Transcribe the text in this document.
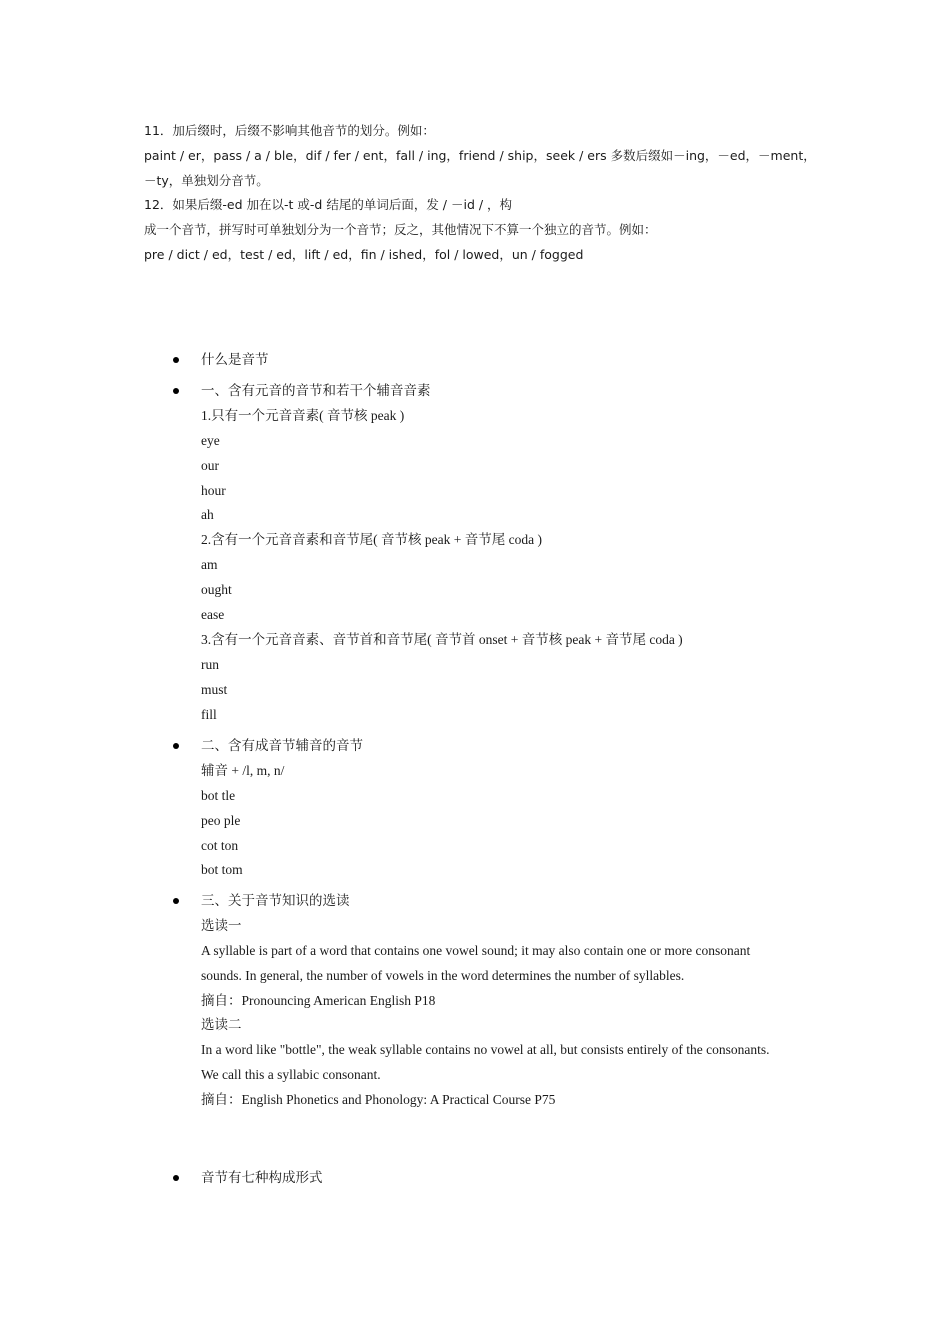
11．加后缀时，后缀不影响其他音节的划分。例如：

paint / er，pass / a / ble，dif / fer / ent，fall / ing，friend / ship，seek / ers 多数后缀如－ing，－ed，－ment，

－ty，单独划分音节。

12．如果后缀-ed 加在以-t 或-d 结尾的单词后面，发 / －id / ，构

成一个音节，拼写时可单独划分为一个音节；反之，其他情况下不算一个独立的音节。例如：

pre / dict / ed，test / ed，lift / ed，fin / ished，fol / lowed，un / fogged

什么是音节
一、含有元音的音节和若干个辅音音素
1.只有一个元音音素( 音节核 peak )
eye
our
hour
ah
2.含有一个元音音素和音节尾( 音节核 peak + 音节尾 coda )
am
ought
ease
3.含有一个元音音素、音节首和音节尾( 音节首 onset + 音节核 peak + 音节尾 coda )
run
must
fill
二、含有成音节辅音的音节
辅音 + /l, m, n/
bot tle
peo ple
cot ton
bot tom
三、关于音节知识的选读
选读一
A syllable is part of a word that contains one vowel sound; it may also contain one or more consonant
sounds. In general, the number of vowels in the word determines the number of syllables.
摘自：Pronouncing American English P18
选读二
In a word like "bottle", the weak syllable contains no vowel at all, but consists entirely of the consonants.
We call this a syllabic consonant.
摘自：English Phonetics and Phonology: A Practical Course P75
音节有七种构成形式
